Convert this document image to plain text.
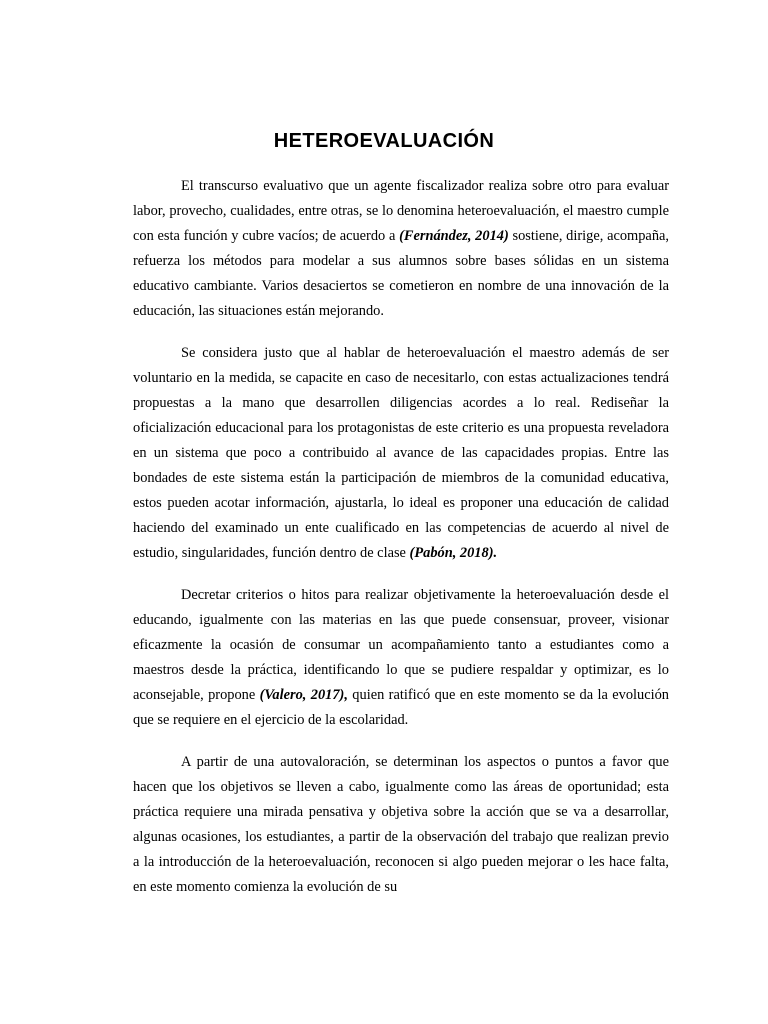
HETEROEVALUACIÓN

El transcurso evaluativo que un agente fiscalizador realiza sobre otro para evaluar labor, provecho, cualidades, entre otras, se lo denomina heteroevaluación, el maestro cumple con esta función y cubre vacíos; de acuerdo a (Fernández, 2014) sostiene, dirige, acompaña, refuerza los métodos para modelar a sus alumnos sobre bases sólidas en un sistema educativo cambiante. Varios desaciertos se cometieron en nombre de una innovación de la educación, las situaciones están mejorando.

Se considera justo que al hablar de heteroevaluación el maestro además de ser voluntario en la medida, se capacite en caso de necesitarlo, con estas actualizaciones tendrá propuestas a la mano que desarrollen diligencias acordes a lo real. Rediseñar la oficialización educacional para los protagonistas de este criterio es una propuesta reveladora en un sistema que poco a contribuido al avance de las capacidades propias. Entre las bondades de este sistema están la participación de miembros de la comunidad educativa, estos pueden acotar información, ajustarla, lo ideal es proponer una educación de calidad haciendo del examinado un ente cualificado en las competencias de acuerdo al nivel de estudio, singularidades, función dentro de clase (Pabón, 2018).

Decretar criterios o hitos para realizar objetivamente la heteroevaluación desde el educando, igualmente con las materias en las que puede consensuar, proveer, visionar eficazmente la ocasión de consumar un acompañamiento tanto a estudiantes como a maestros desde la práctica, identificando lo que se pudiere respaldar y optimizar, es lo aconsejable, propone (Valero, 2017), quien ratificó que en este momento se da la evolución que se requiere en el ejercicio de la escolaridad.

A partir de una autovaloración, se determinan los aspectos o puntos a favor que hacen que los objetivos se lleven a cabo, igualmente como las áreas de oportunidad; esta práctica requiere una mirada pensativa y objetiva sobre la acción que se va a desarrollar, algunas ocasiones, los estudiantes, a partir de la observación del trabajo que realizan previo a la introducción de la heteroevaluación, reconocen si algo pueden mejorar o les hace falta, en este momento comienza la evolución de su
